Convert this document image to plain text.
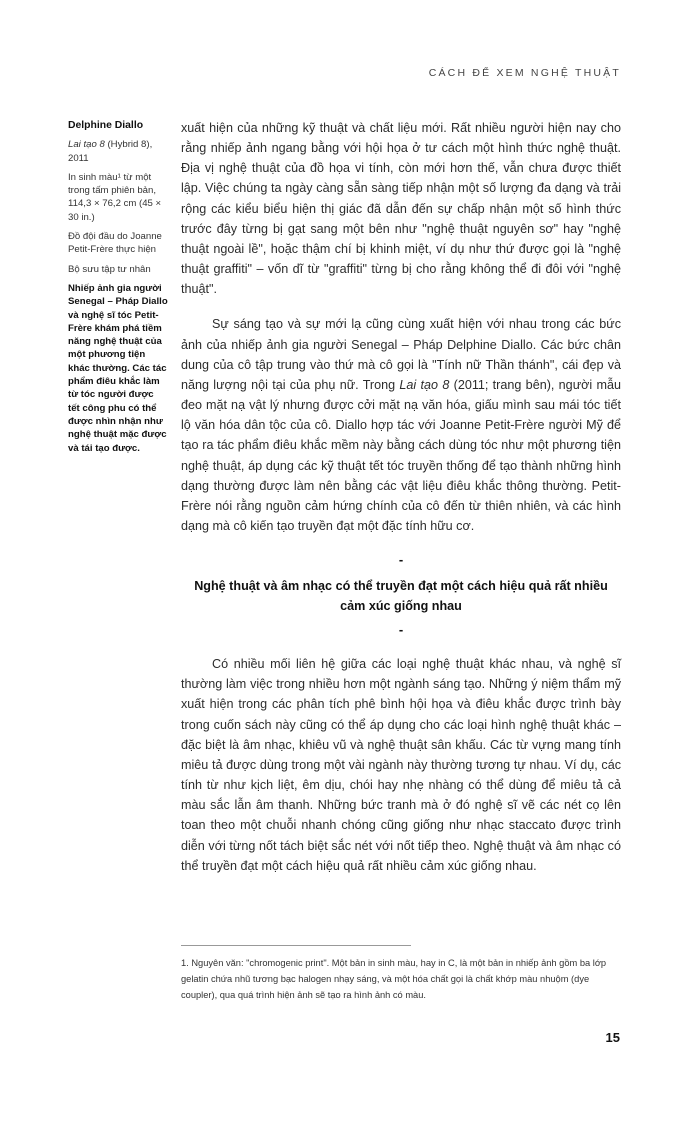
CÁCH ĐỂ XEM NGHỆ THUẬT

Delphine Diallo

Lai tạo 8 (Hybrid 8), 2011

In sinh màu¹ từ một trong tấm phiên bản, 114,3 × 76,2 cm (45 × 30 in.)

Đồ đội đầu do Joanne Petit-Frère thực hiện

Bộ sưu tập tư nhân

Nhiếp ảnh gia người Senegal – Pháp Diallo và nghệ sĩ tóc Petit-Frère khám phá tiềm năng nghệ thuật của một phương tiện khác thường. Các tác phẩm điêu khắc làm từ tóc người được tết công phu có thể được nhìn nhận như nghệ thuật mặc được và tái tạo được.

xuất hiện của những kỹ thuật và chất liệu mới. Rất nhiều người hiện nay cho rằng nhiếp ảnh ngang bằng với hội họa ở tư cách một hình thức nghệ thuật. Địa vị nghệ thuật của đồ họa vi tính, còn mới hơn thế, vẫn chưa được thiết lập. Việc chúng ta ngày càng sẵn sàng tiếp nhận một số lượng đa dạng và trải rộng các kiểu biểu hiện thị giác đã dẫn đến sự chấp nhận một số hình thức trước đây từng bị gạt sang một bên như "nghệ thuật nguyên sơ" hay "nghệ thuật ngoài lề", hoặc thậm chí bị khinh miệt, ví dụ như thứ được gọi là "nghệ thuật graffiti" – vốn dĩ từ "graffiti" từng bị cho rằng không thể đi đôi với "nghệ thuật".

Sự sáng tạo và sự mới lạ cũng cùng xuất hiện với nhau trong các bức ảnh của nhiếp ảnh gia người Senegal – Pháp Delphine Diallo. Các bức chân dung của cô tập trung vào thứ mà cô gọi là "Tính nữ Thần thánh", cái đẹp và năng lượng nội tại của phụ nữ. Trong Lai tạo 8 (2011; trang bên), người mẫu đeo mặt nạ vật lý nhưng được cởi mặt nạ văn hóa, giấu mình sau mái tóc tiết lộ văn hóa dân tộc của cô. Diallo hợp tác với Joanne Petit-Frère người Mỹ để tạo ra tác phẩm điêu khắc mềm này bằng cách dùng tóc như một phương tiện nghệ thuật, áp dụng các kỹ thuật tết tóc truyền thống để tạo thành những hình dạng thường được làm nên bằng các vật liệu điêu khắc thông thường. Petit-Frère nói rằng nguồn cảm hứng chính của cô đến từ thiên nhiên, và các hình dạng mà cô kiến tạo truyền đạt một đặc tính hữu cơ.

-
Nghệ thuật và âm nhạc có thể truyền đạt một cách hiệu quả rất nhiều cảm xúc giống nhau
-

Có nhiều mối liên hệ giữa các loại nghệ thuật khác nhau, và nghệ sĩ thường làm việc trong nhiều hơn một ngành sáng tạo. Những ý niệm thẩm mỹ xuất hiện trong các phân tích phê bình hội họa và điêu khắc được trình bày trong cuốn sách này cũng có thể áp dụng cho các loại hình nghệ thuật khác – đặc biệt là âm nhạc, khiêu vũ và nghệ thuật sân khấu. Các từ vựng mang tính miêu tả được dùng trong một vài ngành này thường tương tự nhau. Ví dụ, các tính từ như kịch liệt, êm dịu, chói hay nhẹ nhàng có thể dùng để miêu tả cả màu sắc lẫn âm thanh. Những bức tranh mà ở đó nghệ sĩ vẽ các nét cọ lên toan theo một chuỗi nhanh chóng cũng giống như nhạc staccato được trình diễn với từng nốt tách biệt sắc nét với nốt tiếp theo. Nghệ thuật và âm nhạc có thể truyền đạt một cách hiệu quả rất nhiều cảm xúc giống nhau.

1. Nguyên văn: "chromogenic print". Một bản in sinh màu, hay in C, là một bản in nhiếp ảnh gồm ba lớp gelatin chứa nhũ tương bạc halogen nhạy sáng, và một hóa chất gọi là chất khớp màu nhuộm (dye coupler), qua quá trình hiện ảnh sẽ tạo ra hình ảnh có màu.

15
